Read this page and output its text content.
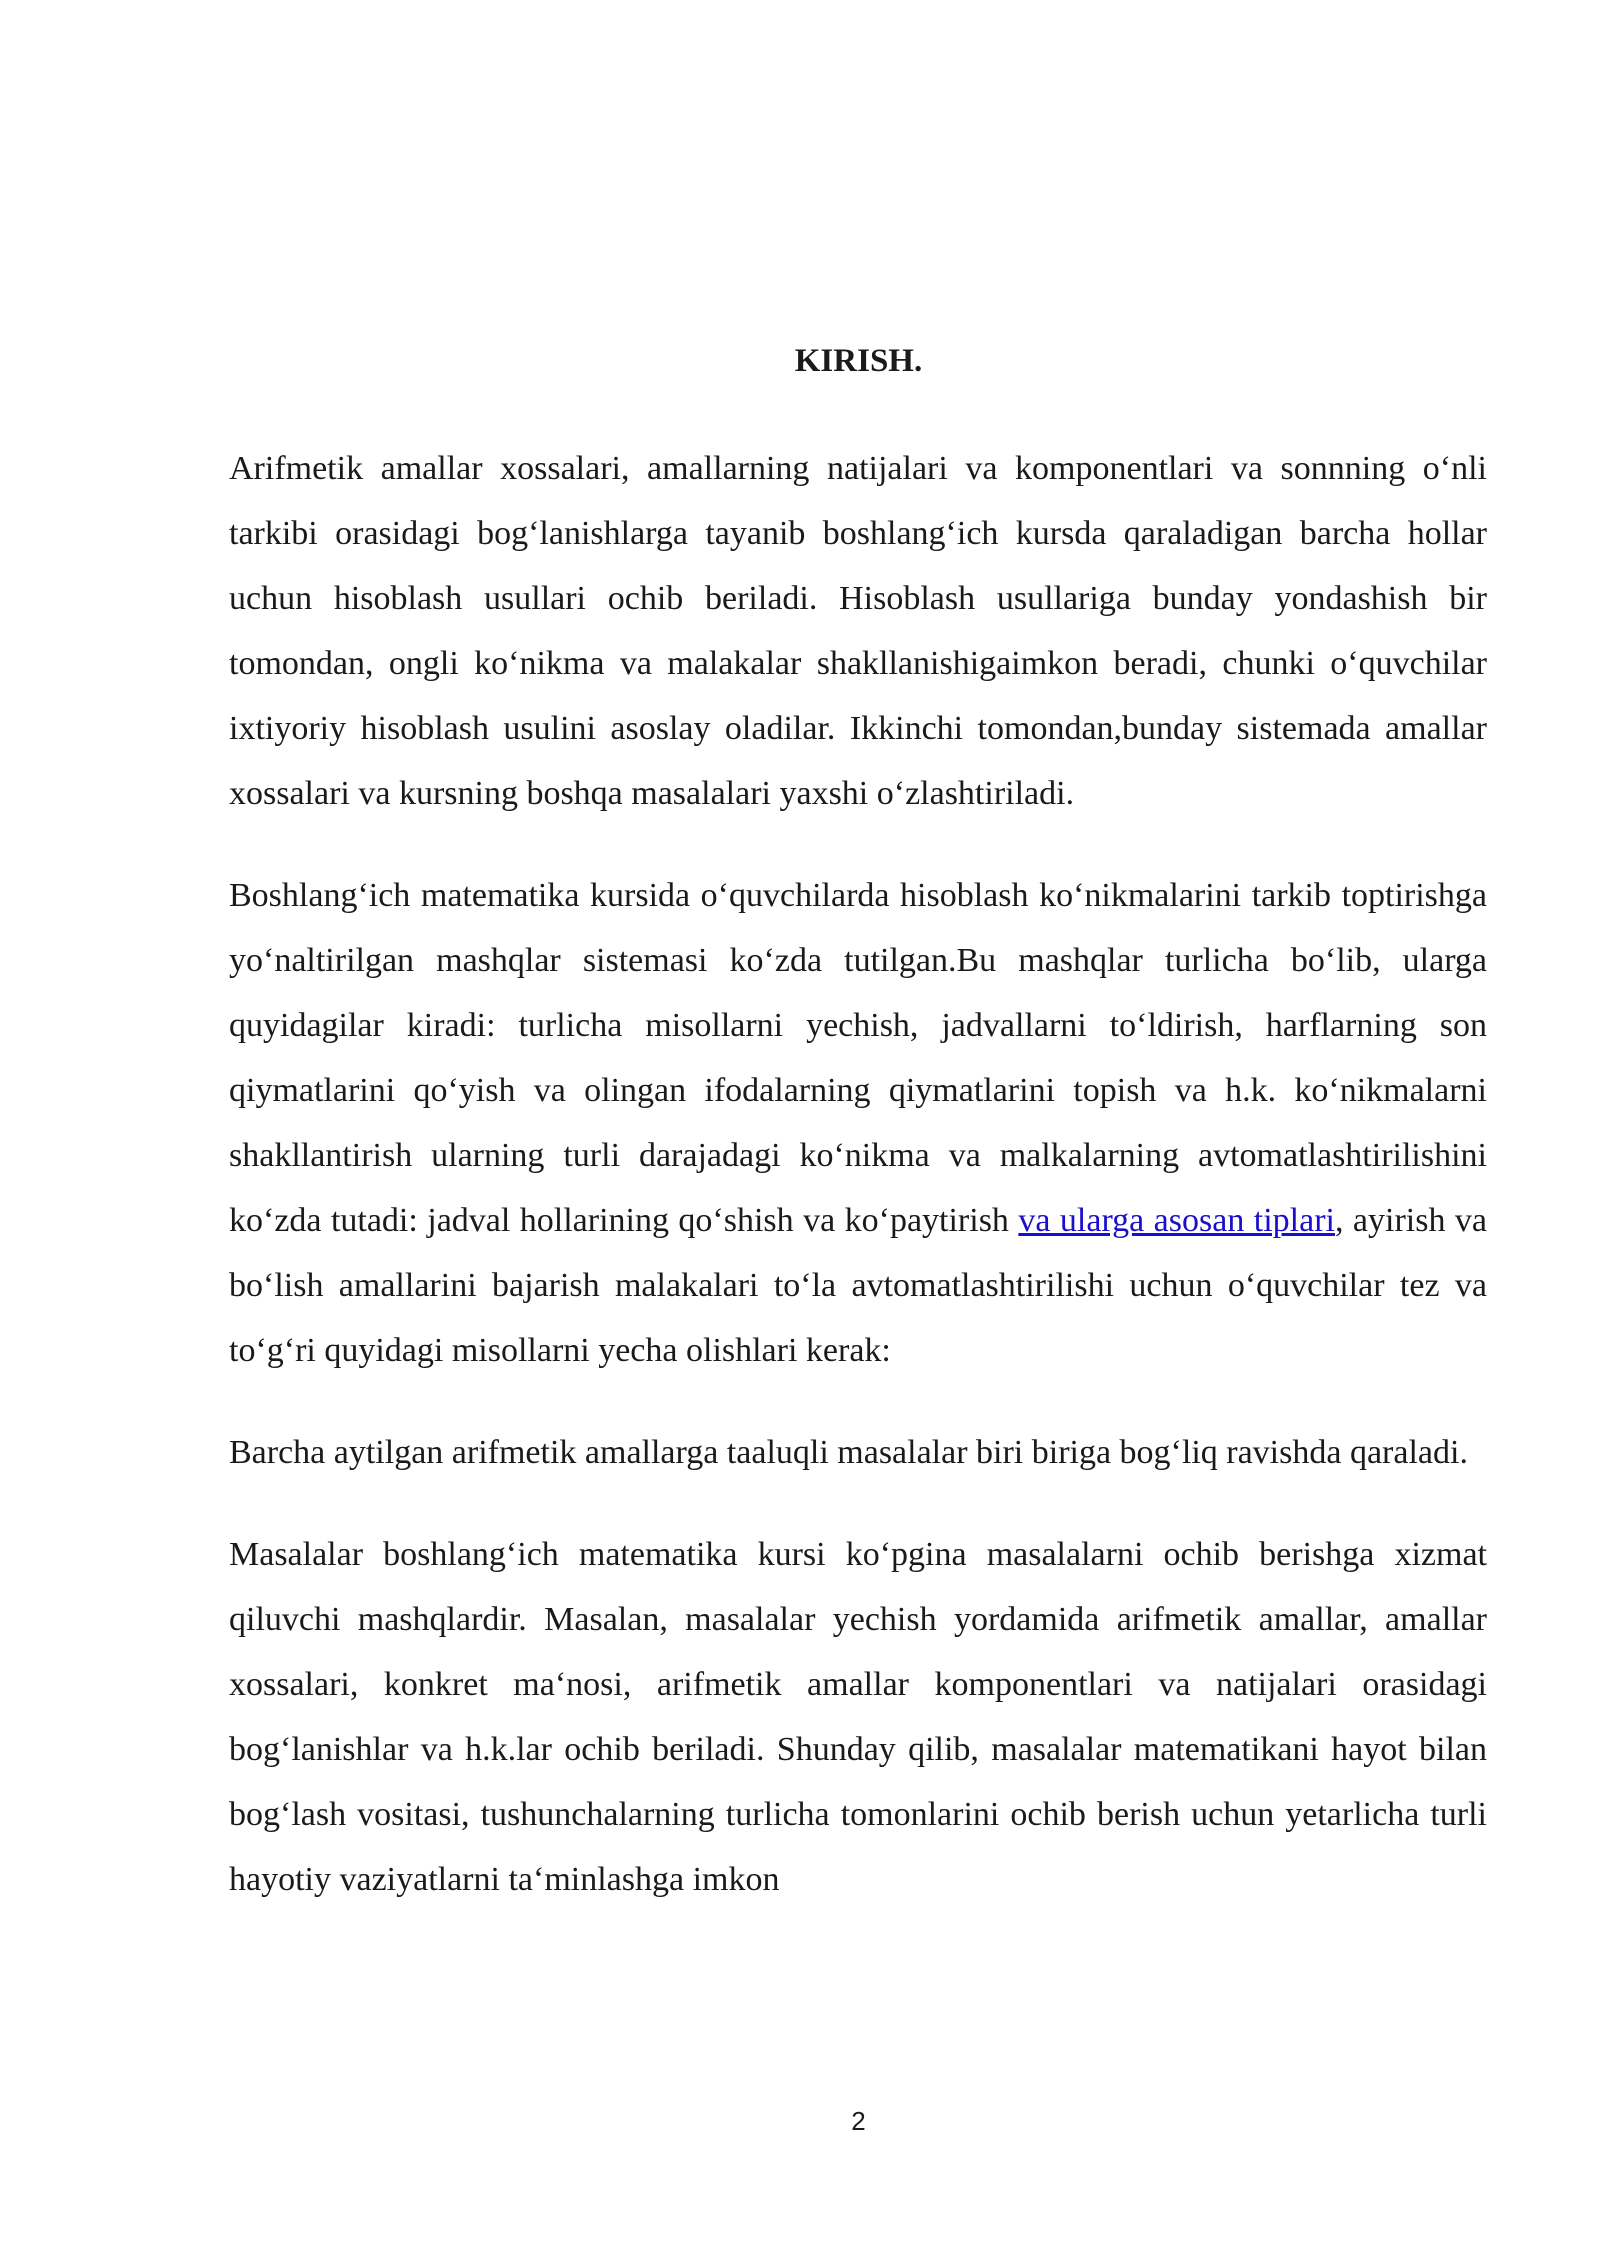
KIRISH.

Arifmetik amallar xossalari, amallarning natijalari va komponentlari va sonnning o‘nli tarkibi orasidagi bog‘lanishlarga tayanib boshlang‘ich kursda qaraladigan barcha hollar uchun hisoblash usullari ochib beriladi. Hisoblash usullariga bunday yondashish bir tomondan, ongli ko‘nikma va malakalar shakllanishigaimkon beradi, chunki o‘quvchilar ixtiyoriy hisoblash usulini asoslay oladilar. Ikkinchi tomondan,bunday sistemada amallar xossalari va kursning boshqa masalalari yaxshi o‘zlashtiriladi.

Boshlang‘ich matematika kursida o‘quvchilarda hisoblash ko‘nikmalarini tarkib toptirishga yo‘naltirilgan mashqlar sistemasi ko‘zda tutilgan.Bu mashqlar turlicha bo‘lib, ularga quyidagilar kiradi: turlicha misollarni yechish, jadvallarni to‘ldirish, harflarning son qiymatlarini qo‘yish va olingan ifodalarning qiymatlarini topish va h.k. ko‘nikmalarni shakllantirish ularning turli darajadagi ko‘nikma va malkalarning avtomatlashtirilishini ko‘zda tutadi: jadval hollarining qo‘shish va ko‘paytirish va ularga asosan tiplari, ayirish va bo‘lish amallarini bajarish malakalari to‘la avtomatlashtirilishi uchun o‘quvchilar tez va to‘g‘ri quyidagi misollarni yecha olishlari kerak:

Barcha aytilgan arifmetik amallarga taaluqli masalalar biri biriga bog‘liq ravishda qaraladi.

Masalalar boshlang‘ich matematika kursi ko‘pgina masalalarni ochib berishga xizmat qiluvchi mashqlardir. Masalan, masalalar yechish yordamida arifmetik amallar, amallar xossalari, konkret ma‘nosi, arifmetik amallar komponentlari va natijalari orasidagi bog‘lanishlar va h.k.lar ochib beriladi. Shunday qilib, masalalar matematikani hayot bilan bog‘lash vositasi, tushunchalarning turlicha tomonlarini ochib berish uchun yetarlicha turli hayotiy vaziyatlarni ta‘minlashga imkon

2
